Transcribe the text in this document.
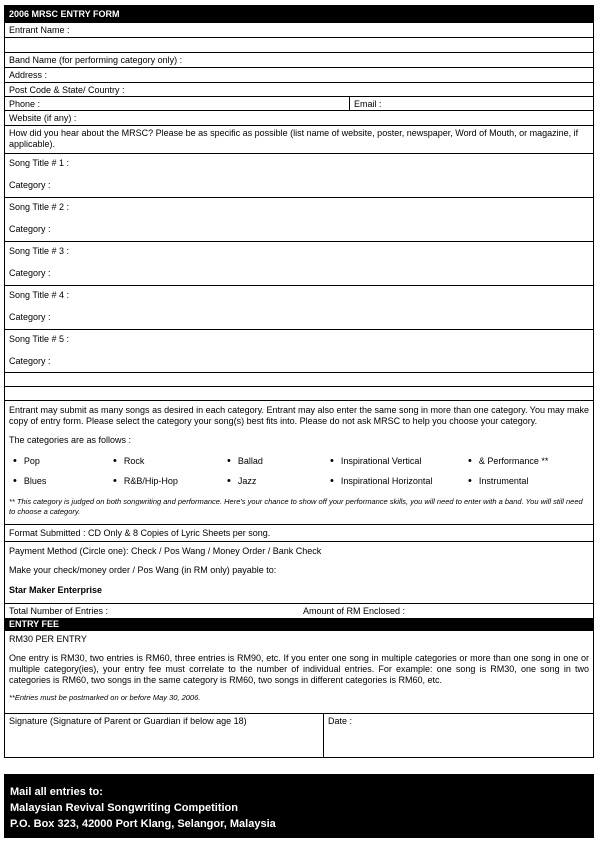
2006 MRSC ENTRY FORM
Entrant Name :
Band Name (for performing category only) :
Address :
Post Code & State/ Country :
Phone :	Email :
Website (if any) :
How did you hear about the MRSC? Please be as specific as possible (list name of website, poster, newspaper, Word of Mouth, or magazine, if applicable).
Song Title # 1 :
Category :
Song Title # 2 :
Category :
Song Title # 3 :
Category :
Song Title # 4 :
Category :
Song Title # 5 :
Category :
Entrant may submit as many songs as desired in each category. Entrant may also enter the same song in more than one category. You may make copy of entry form. Please select the category your song(s) best fits into. Please do not ask MRSC to help you choose your category.
The categories are as follows :
• Pop	• Rock	• Ballad	• Inspirational Vertical	• & Performance **
• Blues	• R&B/Hip-Hop	• Jazz	• Inspirational Horizontal	• Instrumental
** This category is judged on both songwriting and performance. Here's your chance to show off your performance skills, you will need to enter with a band. You will still need to choose a category.
Format Submitted : CD Only & 8 Copies of Lyric Sheets per song.
Payment Method (Circle one): Check / Pos Wang / Money Order / Bank Check
Make your check/money order / Pos Wang (in RM only) payable to:
Star Maker Enterprise
Total Number of Entries :	Amount of RM Enclosed :
ENTRY FEE
RM30 PER ENTRY
One entry is RM30, two entries is RM60, three entries is RM90, etc. If you enter one song in multiple categories or more than one song in one or multiple category(ies), your entry fee must correlate to the number of individual entries. For example: one song is RM30, one song in two categories is RM60, two songs in the same category is RM60, two songs in different categories is RM60, etc.
**Entries must be postmarked on or before May 30, 2006.
Signature (Signature of Parent or Guardian if below age 18)	Date :
Mail all entries to:
Malaysian Revival Songwriting Competition
P.O. Box 323, 42000 Port Klang, Selangor, Malaysia
